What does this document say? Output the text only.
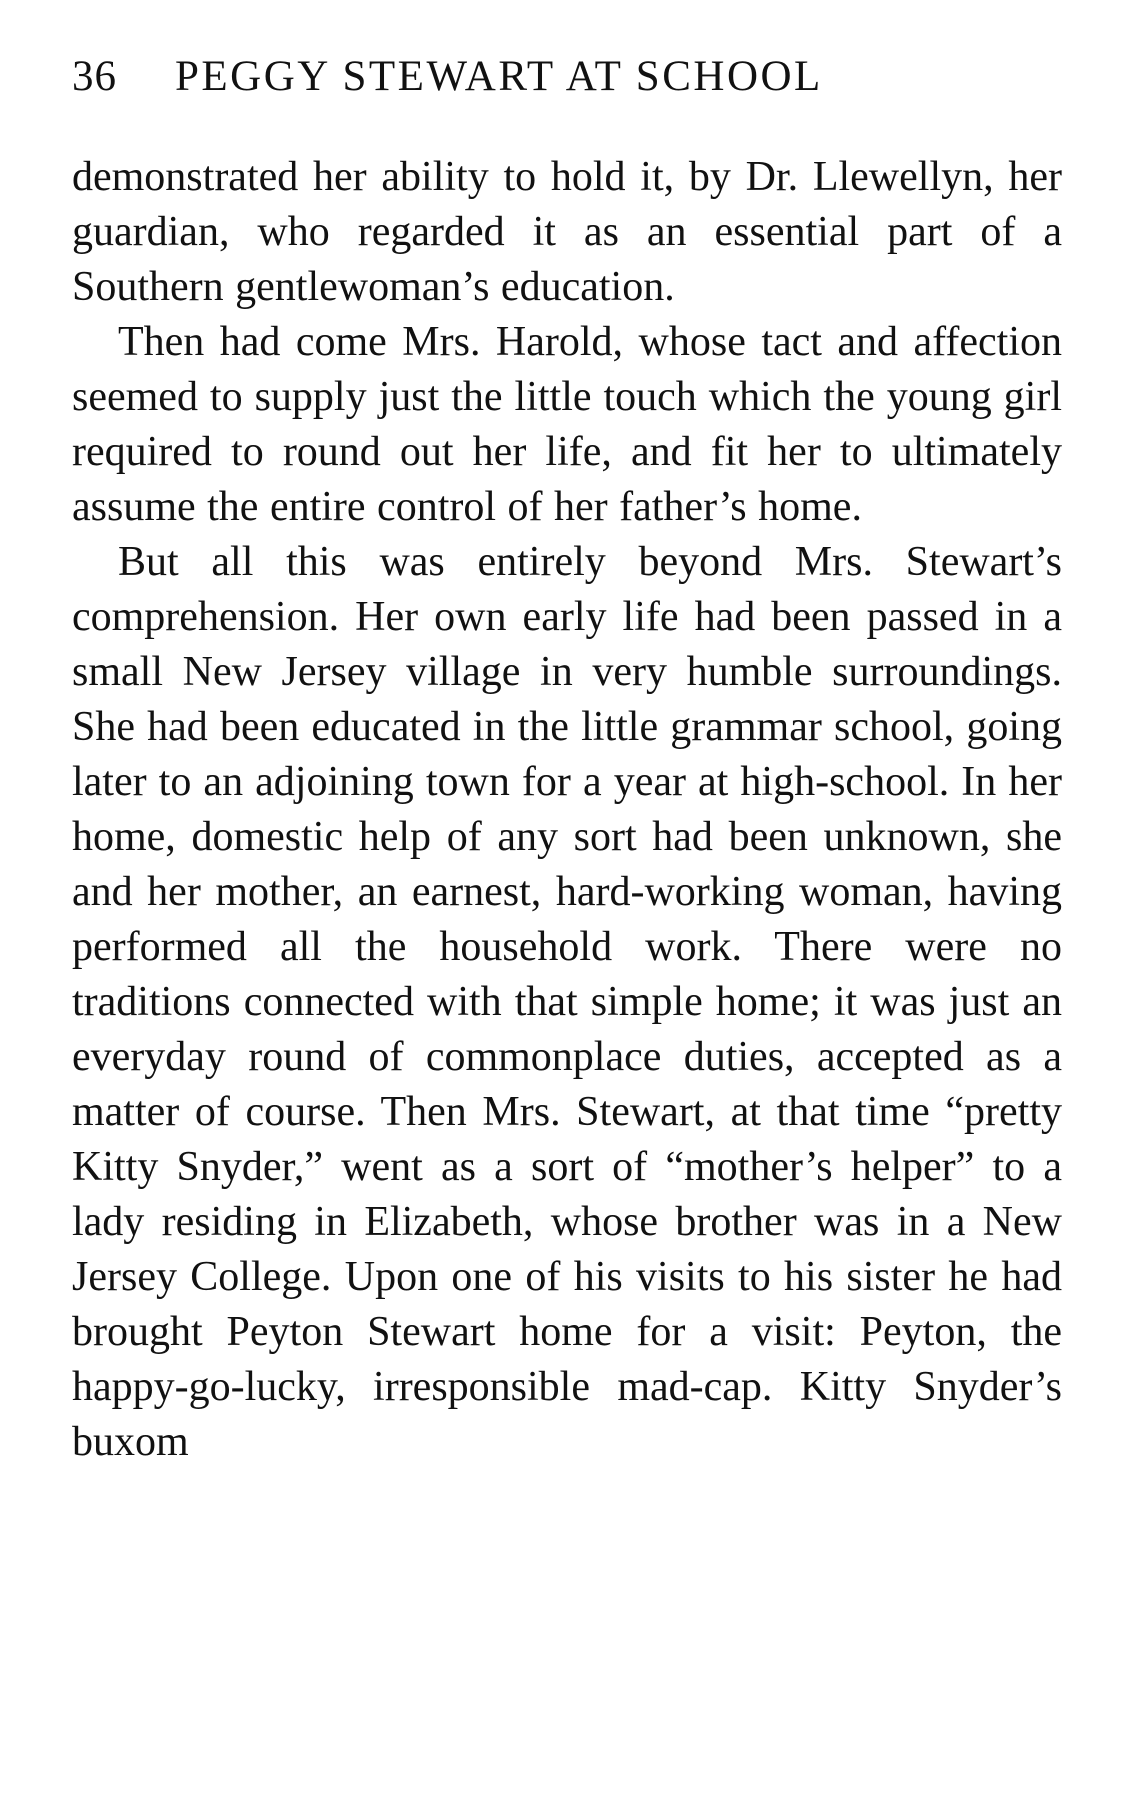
36 PEGGY STEWART AT SCHOOL

demonstrated her ability to hold it, by Dr. Llewellyn, her guardian, who regarded it as an essential part of a Southern gentlewoman’s education.

Then had come Mrs. Harold, whose tact and affection seemed to supply just the little touch which the young girl required to round out her life, and fit her to ultimately assume the entire control of her father’s home.

But all this was entirely beyond Mrs. Stewart’s comprehension. Her own early life had been passed in a small New Jersey village in very humble surroundings. She had been educated in the little grammar school, going later to an adjoining town for a year at high-school. In her home, domestic help of any sort had been unknown, she and her mother, an earnest, hard-working woman, having performed all the household work. There were no traditions connected with that simple home; it was just an everyday round of commonplace duties, accepted as a matter of course. Then Mrs. Stewart, at that time “pretty Kitty Snyder,” went as a sort of “mother’s helper” to a lady residing in Elizabeth, whose brother was in a New Jersey College. Upon one of his visits to his sister he had brought Peyton Stewart home for a visit: Peyton, the happy-go-lucky, irresponsible mad-cap. Kitty Snyder’s buxom
